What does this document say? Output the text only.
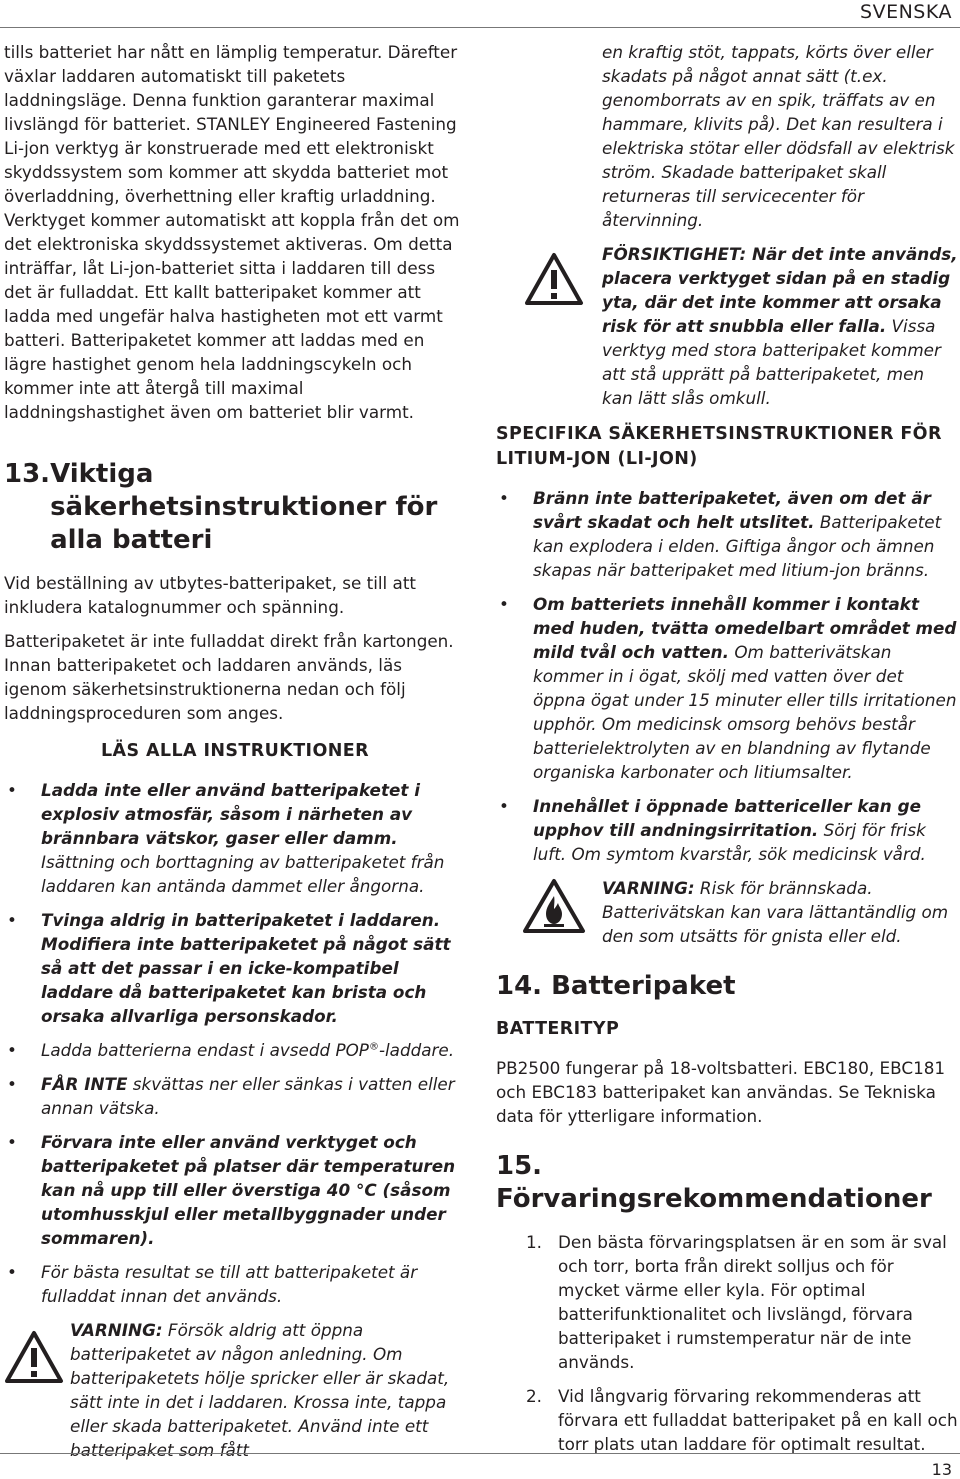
SVENSKA

tills batteriet har nått en lämplig temperatur. Därefter växlar laddaren automatiskt till paketets laddningsläge. Denna funktion garanterar maximal livslängd för batteriet. STANLEY Engineered Fastening Li-jon verktyg är konstruerade med ett elektroniskt skyddssystem som kommer att skydda batteriet mot överladdning, överhettning eller kraftig urladdning. Verktyget kommer automatiskt att koppla från det om det elektroniska skyddssystemet aktiveras. Om detta inträffar, låt Li-jon-batteriet sitta i laddaren till dess det är fulladdat. Ett kallt batteripaket kommer att ladda med ungefär halva hastigheten mot ett varmt batteri. Batteripaketet kommer att laddas med en lägre hastighet genom hela laddningscykeln och kommer inte att återgå till maximal laddningshastighet även om batteriet blir varmt.

13. Viktiga säkerhetsinstruktioner för alla batteri

Vid beställning av utbytes-batteripaket, se till att inkludera katalognummer och spänning.

Batteripaketet är inte fulladdat direkt från kartongen. Innan batteripaketet och laddaren används, läs igenom säkerhetsinstruktionerna nedan och följ laddningsproceduren som anges.

LÄS ALLA INSTRUKTIONER
• Ladda inte eller använd batteripaketet i explosiv atmosfär, såsom i närheten av brännbara vätskor, gaser eller damm. Isättning och borttagning av batteripaketet från laddaren kan antända dammet eller ångorna.
• Tvinga aldrig in batteripaketet i laddaren. Modifiera inte batteripaketet på något sätt så att det passar i en icke-kompatibel laddare då batteripaketet kan brista och orsaka allvarliga personskador.
• Ladda batterierna endast i avsedd POP®-laddare.
• FÅR INTE skvättas ner eller sänkas i vatten eller annan vätska.
• Förvara inte eller använd verktyget och batteripaketet på platser där temperaturen kan nå upp till eller överstiga 40 °C (såsom utomhusskjul eller metallbyggnader under sommaren).
• För bästa resultat se till att batteripaketet är fulladdat innan det används.
VARNING: Försök aldrig att öppna batteripaketet av någon anledning. Om batteripaketets hölje spricker eller är skadat, sätt inte in det i laddaren. Krossa inte, tappa eller skada batteripaketet. Använd inte ett batteripaket som fått
en kraftig stöt, tappats, körts över eller skadats på något annat sätt (t.ex. genomborrats av en spik, träffats av en hammare, klivits på). Det kan resultera i elektriska stötar eller dödsfall av elektrisk ström. Skadade batteripaket skall returneras till servicecenter för återvinning.
FÖRSIKTIGHET: När det inte används, placera verktyget sidan på en stadig yta, där det inte kommer att orsaka risk för att snubbla eller falla. Vissa verktyg med stora batteripaket kommer att stå upprätt på batteripaketet, men kan lätt slås omkull.
SPECIFIKA SÄKERHETSINSTRUKTIONER FÖR LITIUM-JON (LI-JON)
• Bränn inte batteripaketet, även om det är svårt skadat och helt utslitet. Batteripaketet kan explodera i elden. Giftiga ångor och ämnen skapas när batteripaket med litium-jon bränns.
• Om batteriets innehåll kommer i kontakt med huden, tvätta omedelbart området med mild tvål och vatten. Om batterivätskan kommer in i ögat, skölj med vatten över det öppna ögat under 15 minuter eller tills irritationen upphör. Om medicinsk omsorg behövs består batterielektrolyten av en blandning av flytande organiska karbonater och litiumsalter.
• Innehållet i öppnade battericeller kan ge upphov till andningsirritation. Sörj för frisk luft. Om symtom kvarstår, sök medicinsk vård.
VARNING: Risk för brännskada. Batterivätskan kan vara lättantändlig om den som utsätts för gnista eller eld.
14. Batteripaket
BATTERITYP

PB2500 fungerar på 18-voltsbatteri. EBC180, EBC181 och EBC183 batteripaket kan användas. Se Tekniska data för ytterligare information.

15. Förvaringsrekommendationer
1. Den bästa förvaringsplatsen är en som är sval och torr, borta från direkt solljus och för mycket värme eller kyla. För optimal batterifunktionalitet och livslängd, förvara batteripaket i rumstemperatur när de inte används.
2. Vid långvarig förvaring rekommenderas att förvara ett fulladdat batteripaket på en kall och torr plats utan laddare för optimalt resultat.
13
